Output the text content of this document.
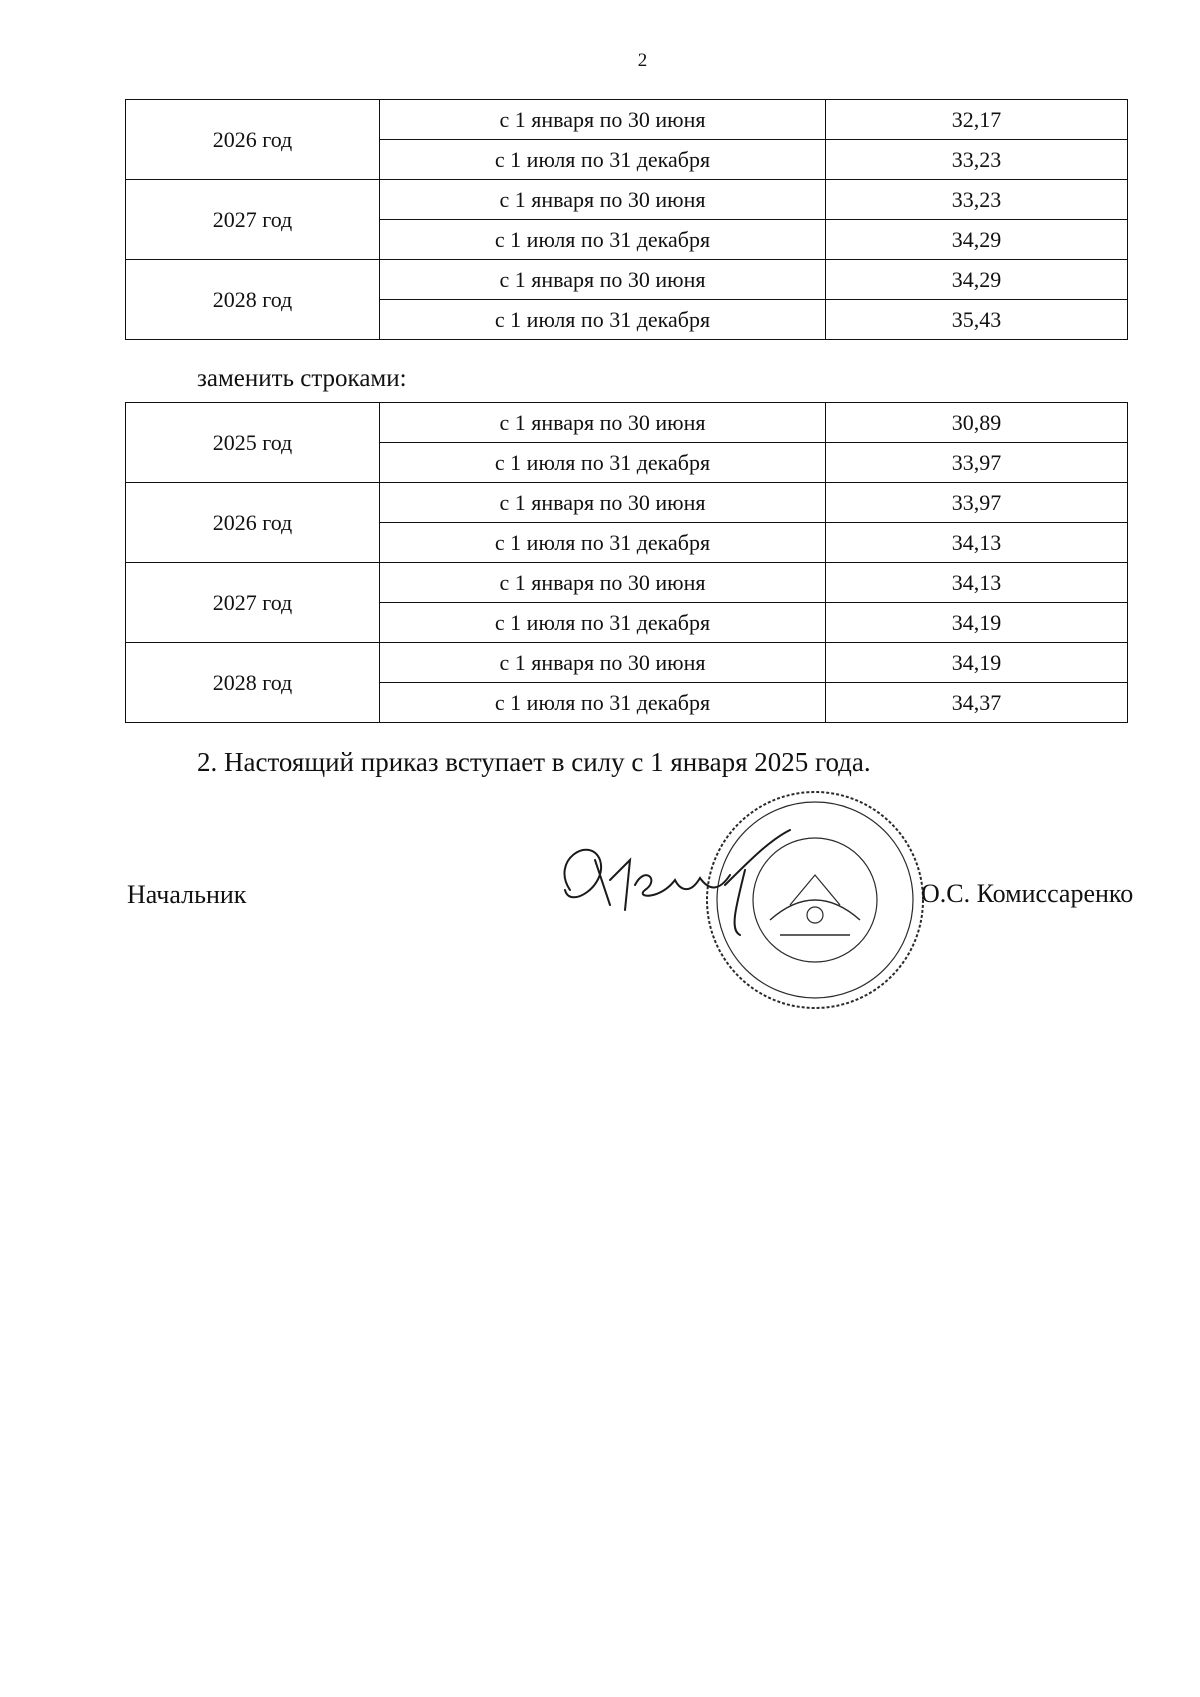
2
2026 год	с 1 января по 30 июня	32,17
	с 1 июля по 31 декабря	33,23
2027 год	с 1 января по 30 июня	33,23
	с 1 июля по 31 декабря	34,29
2028 год	с 1 января по 30 июня	34,29
	с 1 июля по 31 декабря	35,43
заменить строками:
2025 год	с 1 января по 30 июня	30,89
	с 1 июля по 31 декабря	33,97
2026 год	с 1 января по 30 июня	33,97
	с 1 июля по 31 декабря	34,13
2027 год	с 1 января по 30 июня	34,13
	с 1 июля по 31 декабря	34,19
2028 год	с 1 января по 30 июня	34,19
	с 1 июля по 31 декабря	34,37
2. Настоящий приказ вступает в силу с 1 января 2025 года.
Начальник	О.С. Комиссаренко
